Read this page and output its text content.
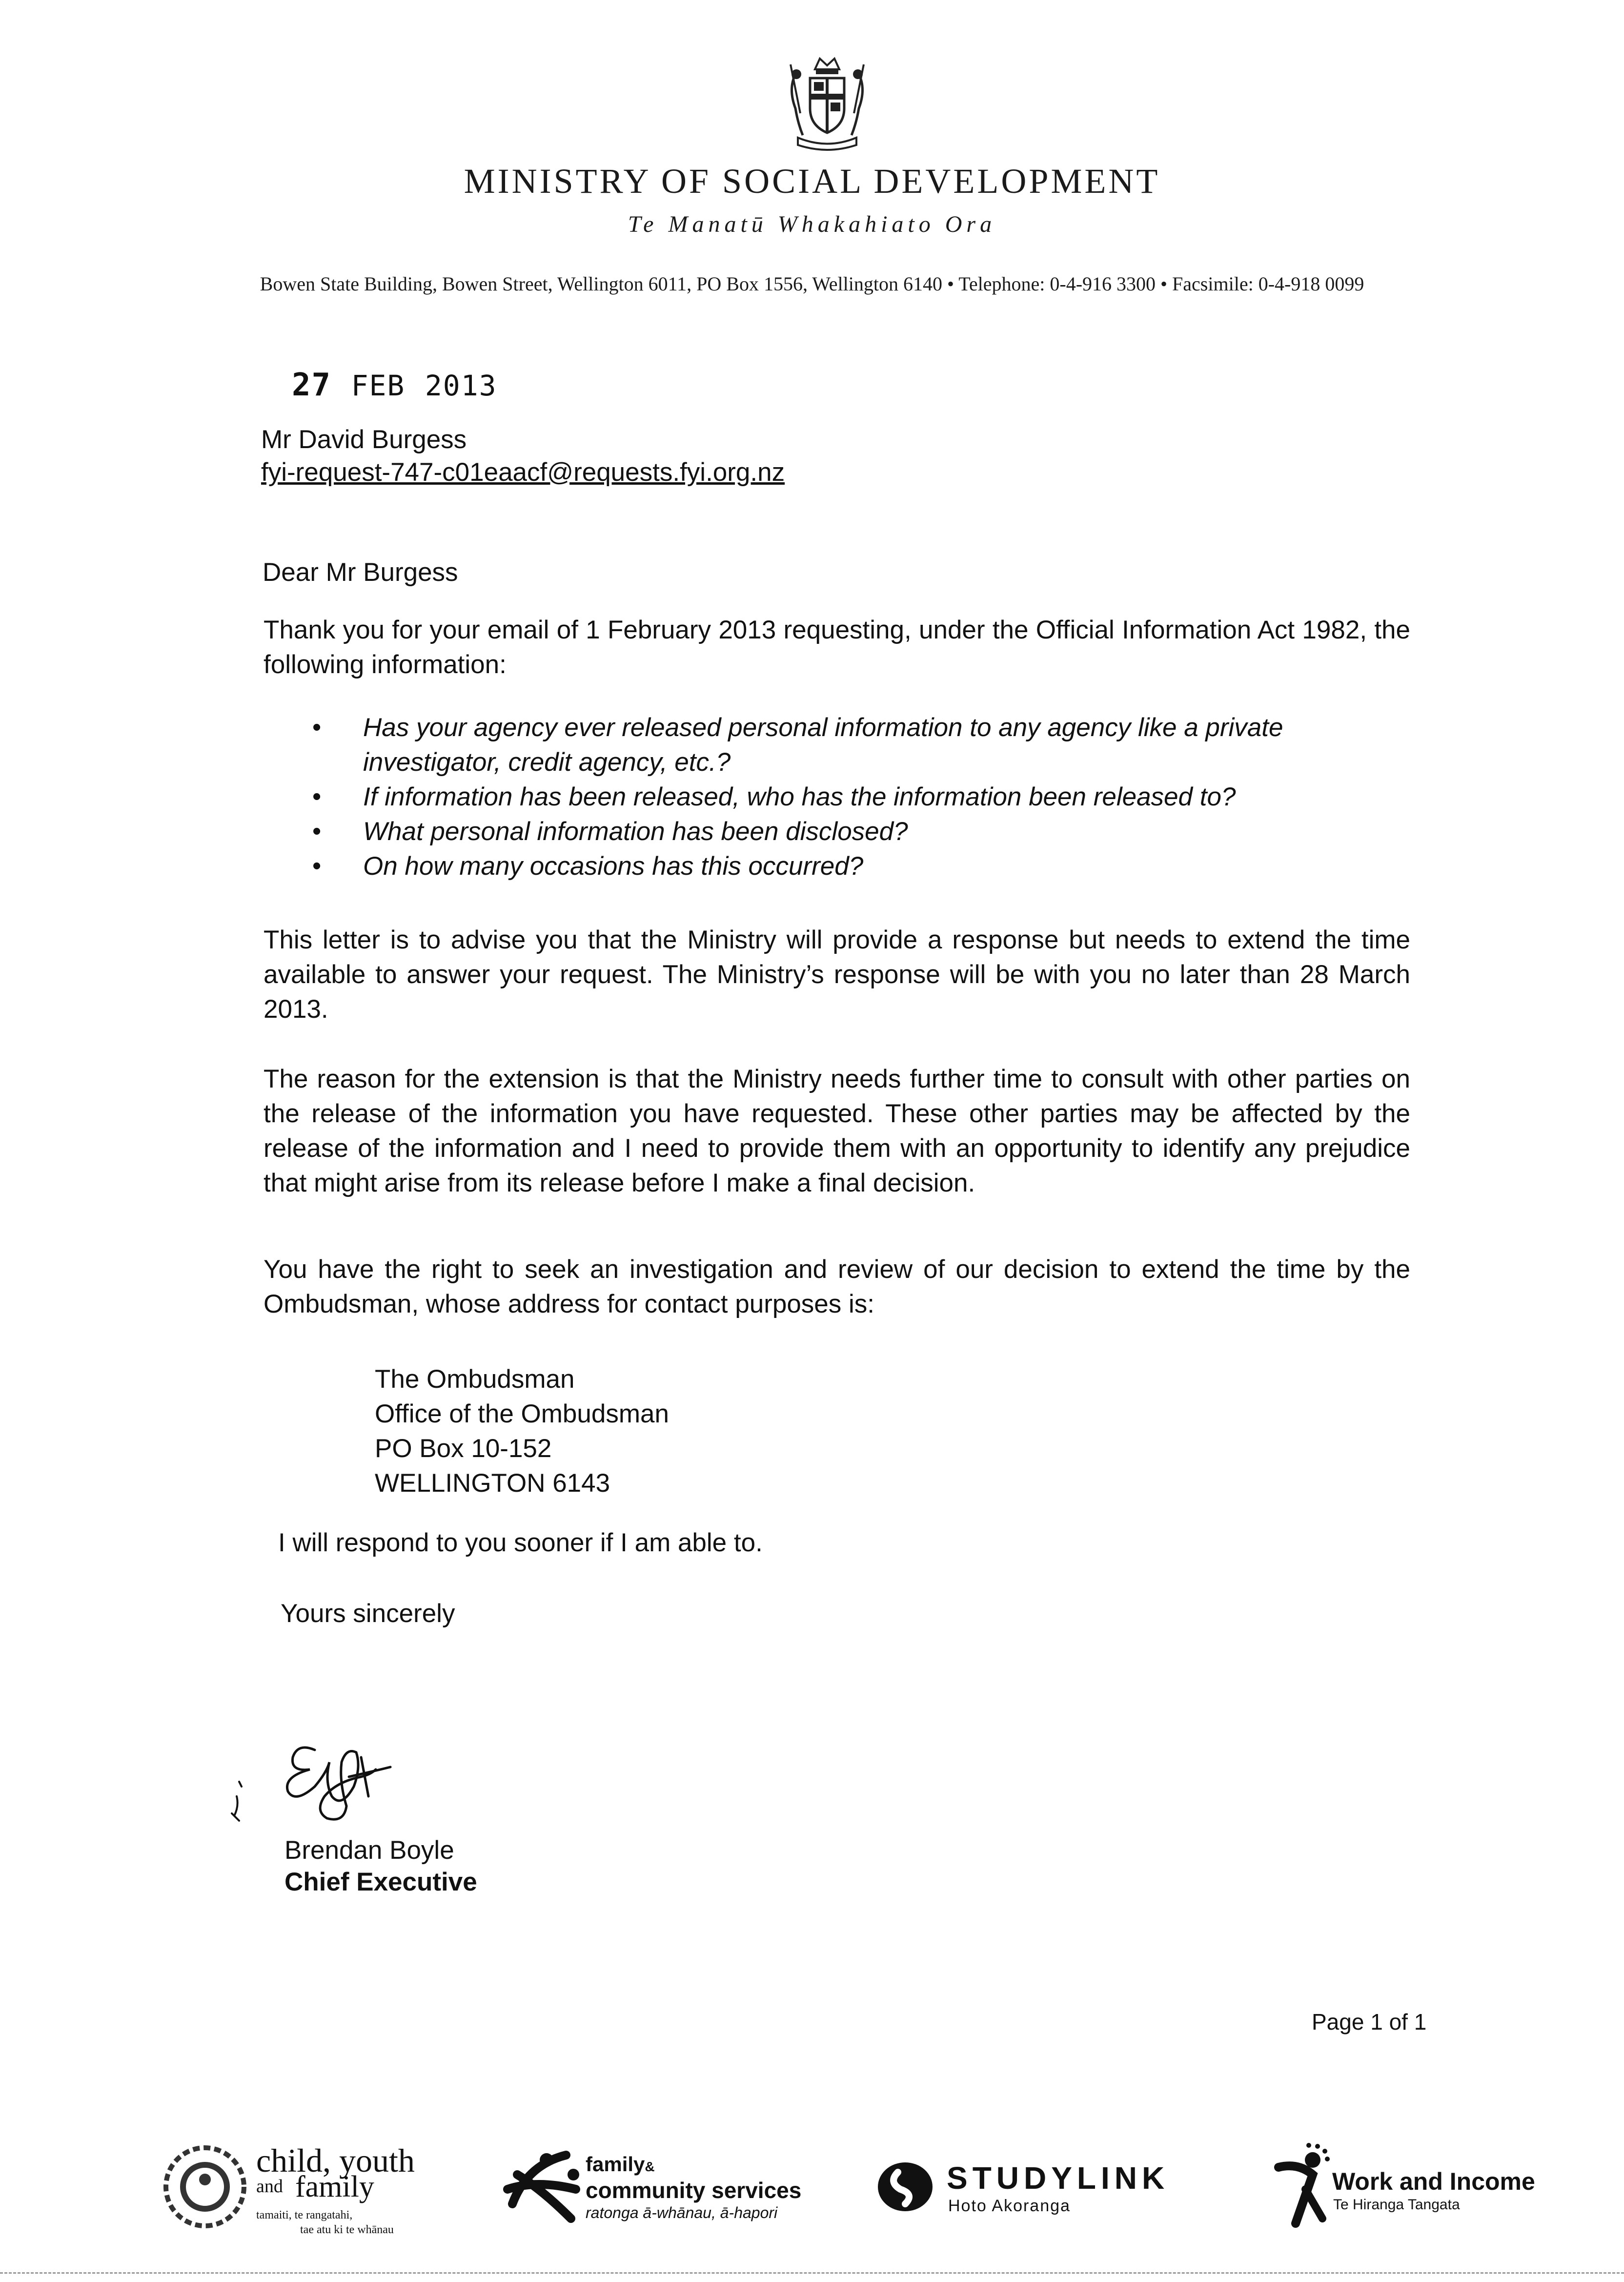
MINISTRY OF SOCIAL DEVELOPMENT
Te Manatū Whakahiato Ora
Bowen State Building, Bowen Street, Wellington 6011, PO Box 1556, Wellington 6140 • Telephone: 0-4-916 3300 • Facsimile: 0-4-918 0099
27 FEB 2013
Mr David Burgess
fyi-request-747-c01eaacf@requests.fyi.org.nz
Dear Mr Burgess
Thank you for your email of 1 February 2013 requesting, under the Official Information Act 1982, the following information:
• Has your agency ever released personal information to any agency like a private investigator, credit agency, etc.?
• If information has been released, who has the information been released to?
• What personal information has been disclosed?
• On how many occasions has this occurred?
This letter is to advise you that the Ministry will provide a response but needs to extend the time available to answer your request. The Ministry’s response will be with you no later than 28 March 2013.
The reason for the extension is that the Ministry needs further time to consult with other parties on the release of the information you have requested. These other parties may be affected by the release of the information and I need to provide them with an opportunity to identify any prejudice that might arise from its release before I make a final decision.
You have the right to seek an investigation and review of our decision to extend the time by the Ombudsman, whose address for contact purposes is:
The Ombudsman
Office of the Ombudsman
PO Box 10-152
WELLINGTON 6143
I will respond to you sooner if I am able to.
Yours sincerely
Brendan Boyle
Chief Executive
Page 1 of 1
child, youth
and family
tamaiti, te rangatahi,
tae atu ki te whānau
family&
community services
ratonga ā-whānau, ā-hapori
STUDYLINK
Hoto Akoranga
Work and Income
Te Hiranga Tangata
